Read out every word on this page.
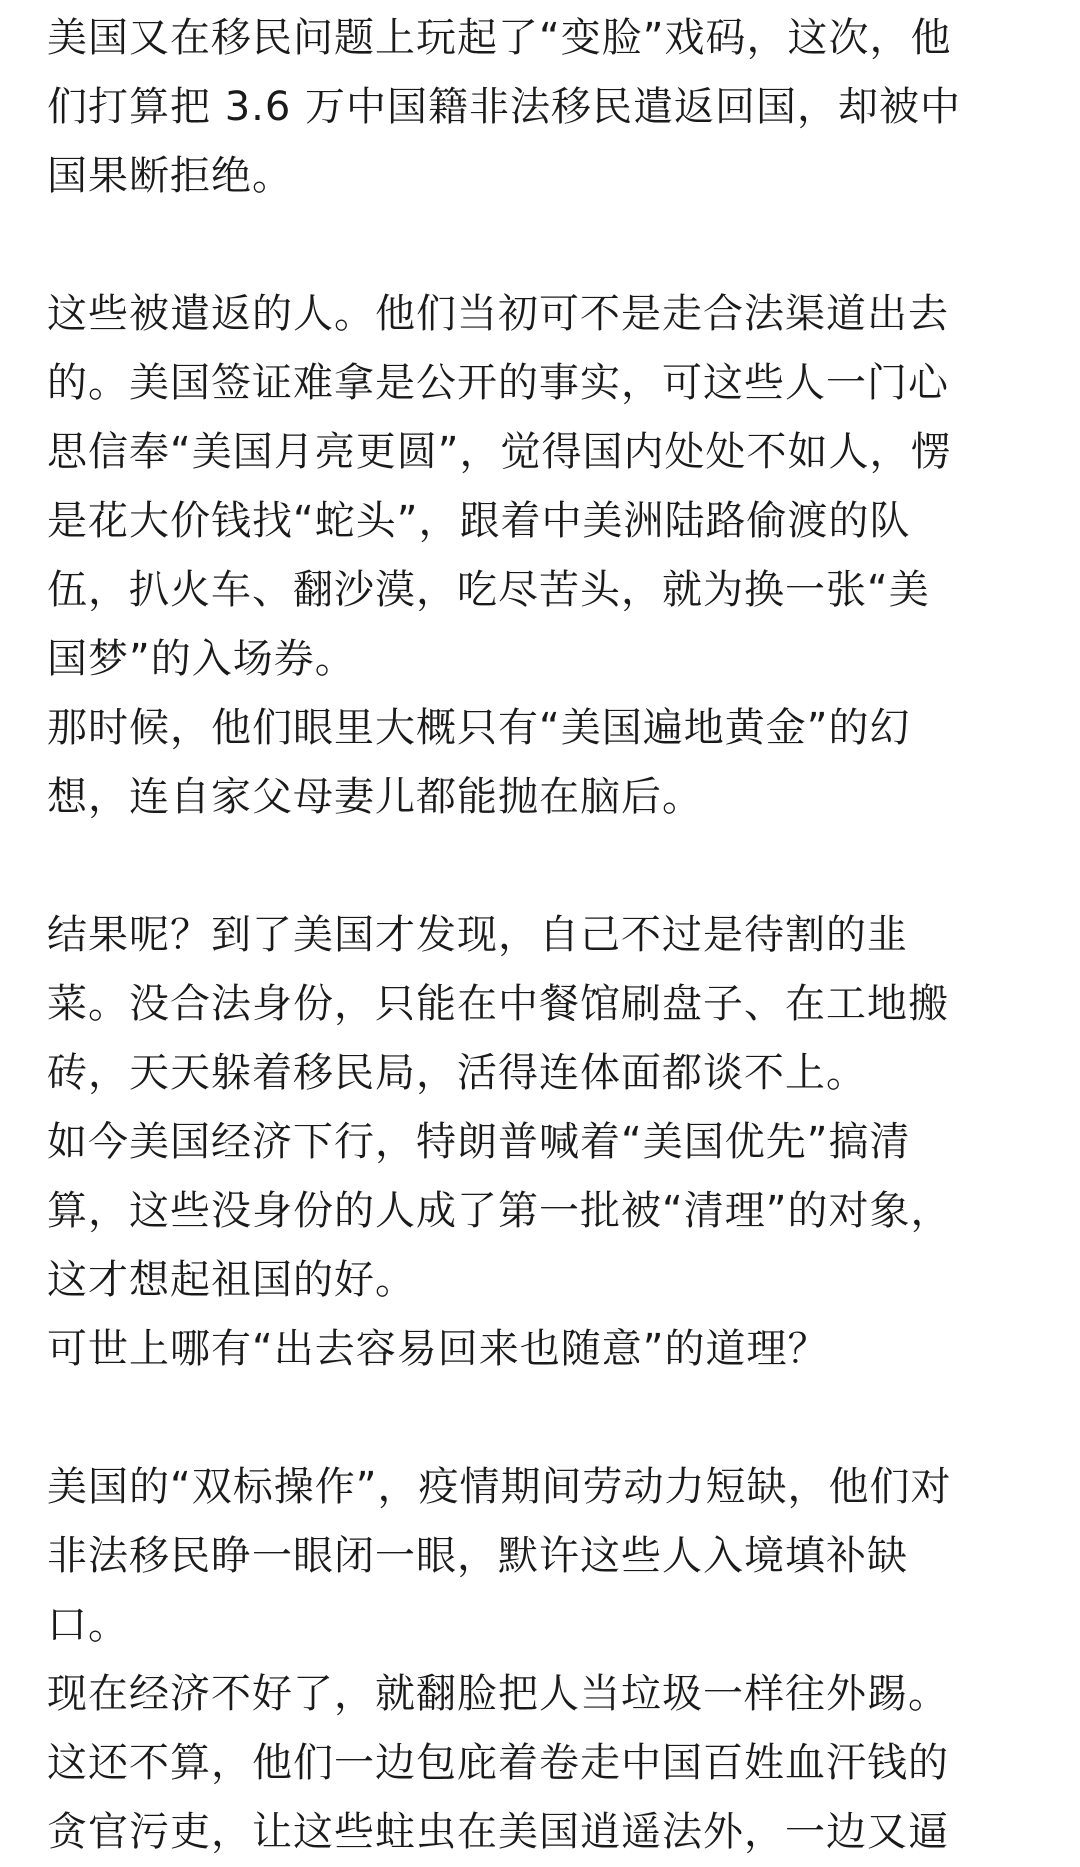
美国又在移民问题上玩起了“变脸”戏码，这次，他
们打算把 3.6 万中国籍非法移民遣返回国，却被中
国果断拒绝。

这些被遣返的人。他们当初可不是走合法渠道出去
的。美国签证难拿是公开的事实，可这些人一门心
思信奉“美国月亮更圆”，觉得国内处处不如人，愣
是花大价钱找“蛇头”，跟着中美洲陆路偷渡的队
伍，扒火车、翻沙漠，吃尽苦头，就为换一张“美
国梦”的入场券。

那时候，他们眼里大概只有“美国遍地黄金”的幻
想，连自家父母妻儿都能抛在脑后。

结果呢？到了美国才发现，自己不过是待割的韭
菜。没合法身份，只能在中餐馆刷盘子、在工地搬
砖，天天躲着移民局，活得连体面都谈不上。

如今美国经济下行，特朗普喊着“美国优先”搞清
算，这些没身份的人成了第一批被“清理”的对象，
这才想起祖国的好。

可世上哪有“出去容易回来也随意”的道理？

美国的“双标操作”，疫情期间劳动力短缺，他们对
非法移民睁一眼闭一眼，默许这些人入境填补缺
口。

现在经济不好了，就翻脸把人当垃圾一样往外踢。

这还不算，他们一边包庇着卷走中国百姓血汗钱的
贪官污吏，让这些蛀虫在美国逍遥法外，一边又逼
